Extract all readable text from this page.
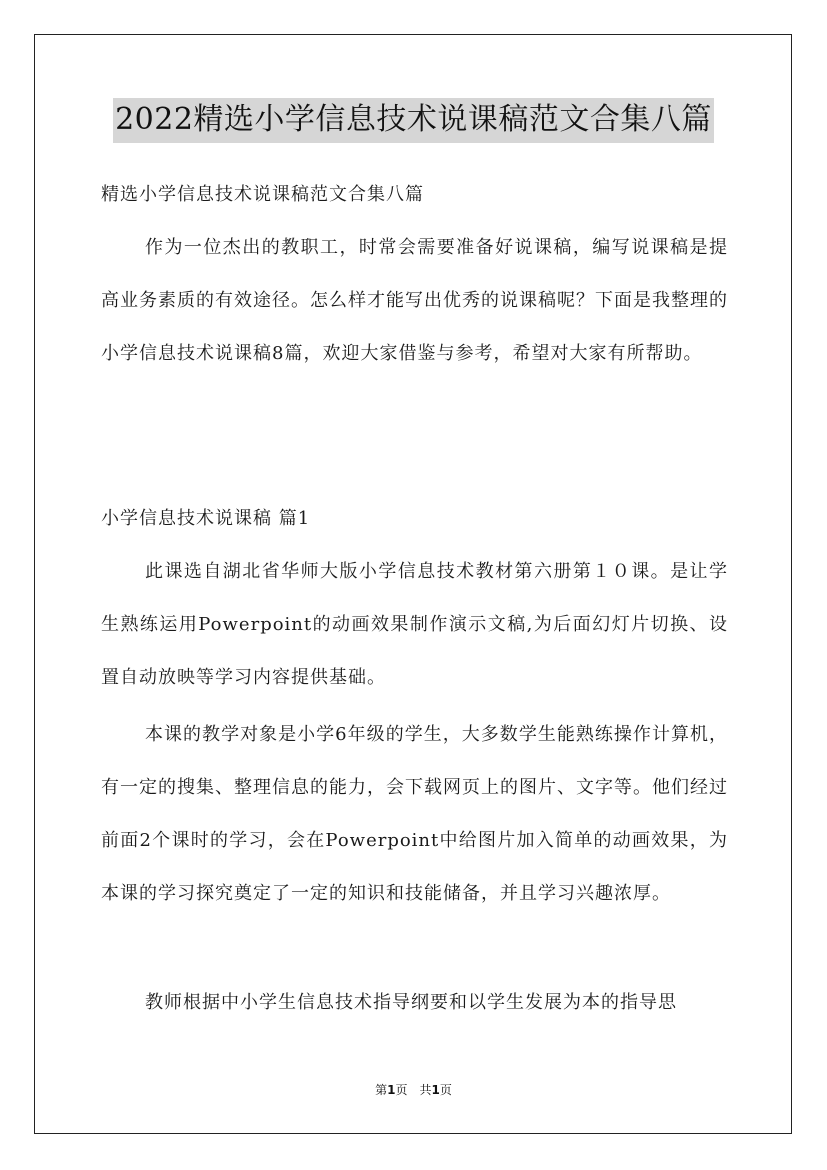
2022精选小学信息技术说课稿范文合集八篇

精选小学信息技术说课稿范文合集八篇

作为一位杰出的教职工，时常会需要准备好说课稿，编写说课稿是提高业务素质的有效途径。怎么样才能写出优秀的说课稿呢？下面是我整理的小学信息技术说课稿8篇，欢迎大家借鉴与参考，希望对大家有所帮助。

小学信息技术说课稿 篇1

此课选自湖北省华师大版小学信息技术教材第六册第１０课。是让学生熟练运用Powerpoint的动画效果制作演示文稿,为后面幻灯片切换、设置自动放映等学习内容提供基础。

本课的教学对象是小学6年级的学生，大多数学生能熟练操作计算机，有一定的搜集、整理信息的能力，会下载网页上的图片、文字等。他们经过前面2个课时的学习，会在Powerpoint中给图片加入简单的动画效果，为本课的学习探究奠定了一定的知识和技能储备，并且学习兴趣浓厚。

教师根据中小学生信息技术指导纲要和以学生发展为本的指导思

第1页 共1页
